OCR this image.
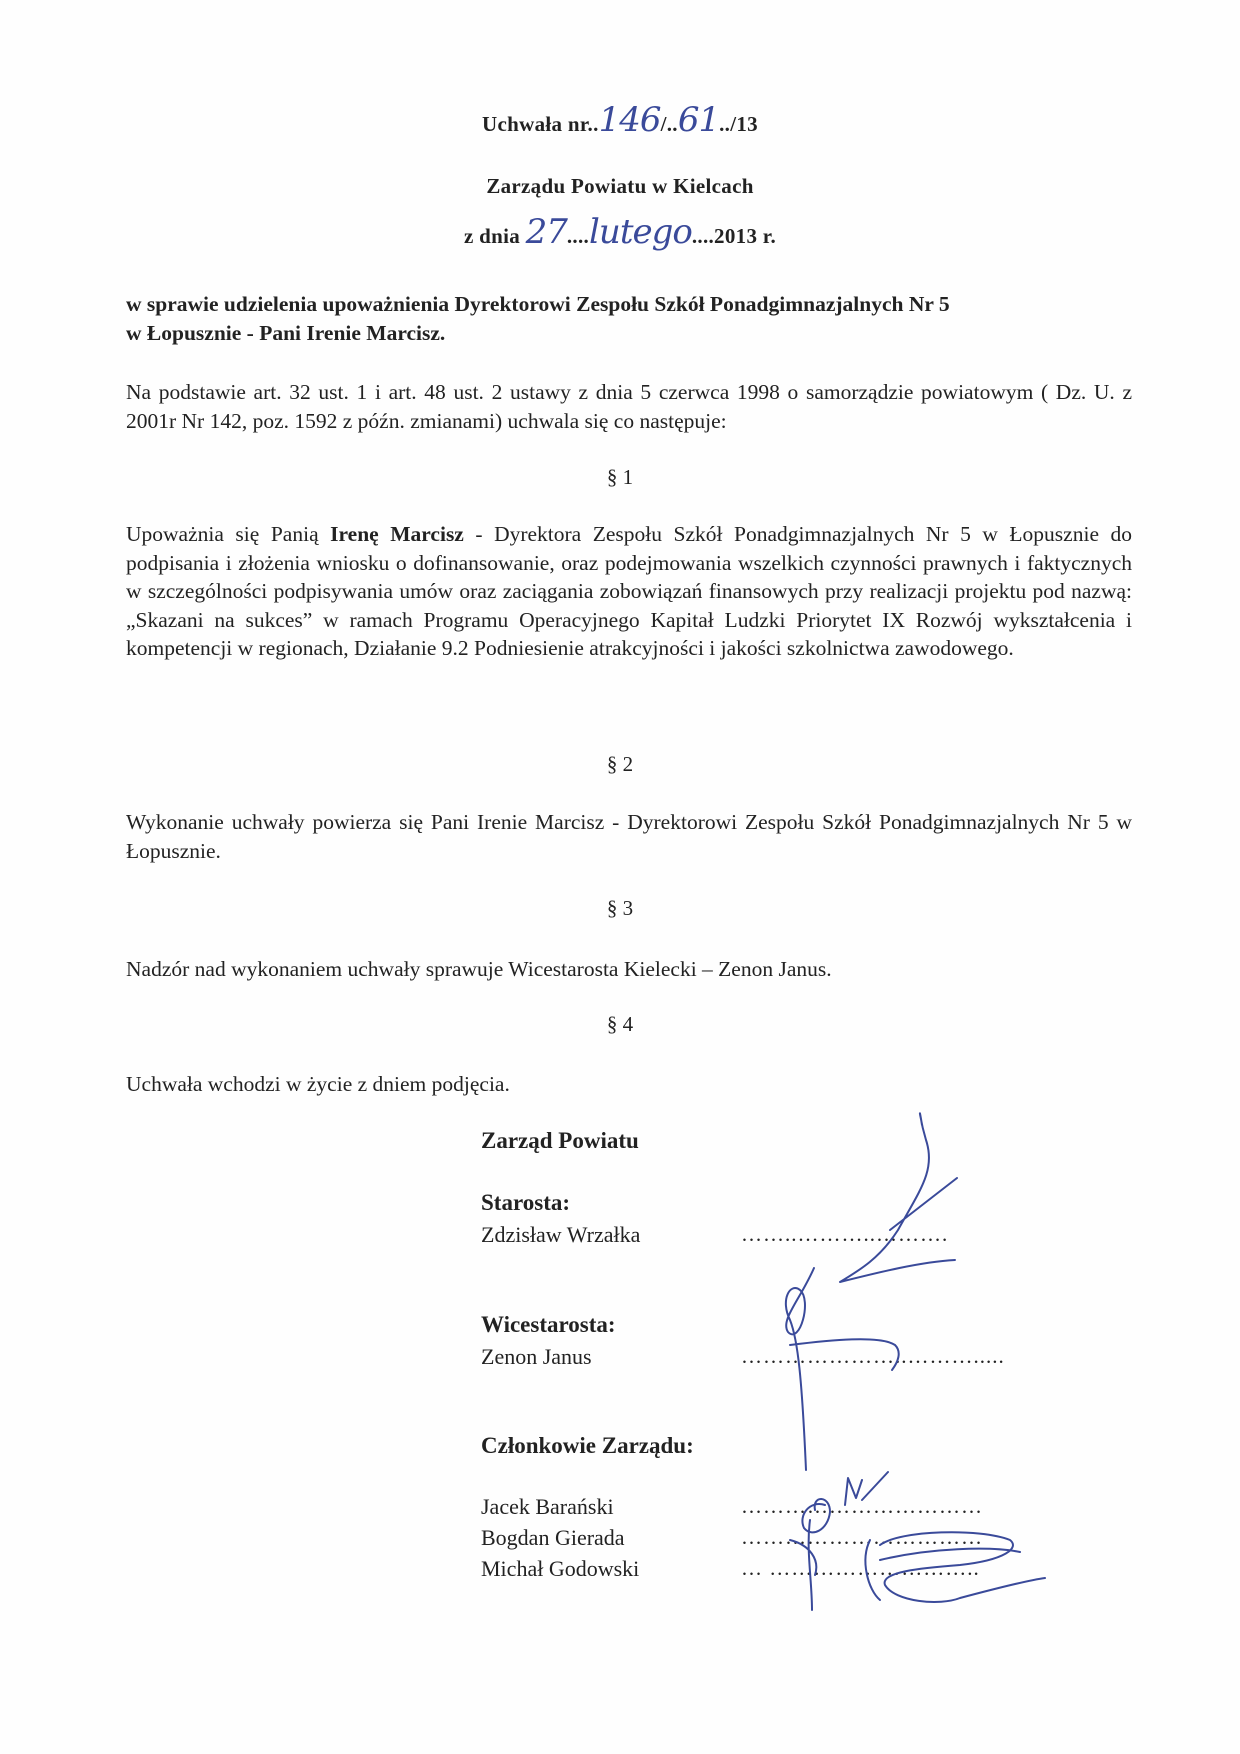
Uchwała nr..146/..61../13
Zarządu Powiatu w Kielcach
z dnia 27....lutego....2013 r.
w sprawie udzielenia upoważnienia Dyrektorowi Zespołu Szkół Ponadgimnazjalnych Nr 5
w Łopusznie - Pani Irenie Marcisz.
Na podstawie art. 32 ust. 1 i art. 48 ust. 2 ustawy z dnia 5 czerwca 1998 o samorządzie powiatowym ( Dz. U. z 2001r Nr 142, poz. 1592 z późn. zmianami) uchwala się co następuje:
§ 1
Upoważnia się Panią Irenę Marcisz - Dyrektora Zespołu Szkół Ponadgimnazjalnych Nr 5 w Łopusznie do podpisania i złożenia wniosku o dofinansowanie, oraz podejmowania wszelkich czynności prawnych i faktycznych w szczególności podpisywania umów oraz zaciągania zobowiązań finansowych przy realizacji projektu pod nazwą: „Skazani na sukces” w ramach Programu Operacyjnego Kapitał Ludzki Priorytet IX Rozwój wykształcenia i kompetencji w regionach, Działanie 9.2 Podniesienie atrakcyjności i jakości szkolnictwa zawodowego.
§ 2
Wykonanie uchwały powierza się Pani Irenie Marcisz - Dyrektorowi Zespołu Szkół Ponadgimnazjalnych Nr 5 w Łopusznie.
§ 3
Nadzór nad wykonaniem uchwały sprawuje Wicestarosta Kielecki – Zenon Janus.
§ 4
Uchwała wchodzi w życie z dniem podjęcia.
Zarząd Powiatu
Starosta:
Zdzisław Wrzałka	……..………..……….
Wicestarosta:
Zenon Janus	…………………..……….....
Członkowie Zarządu:
Jacek Barański	……………………………
Bogdan Gierada	……………………………
Michał Godowski	… ………………………..
